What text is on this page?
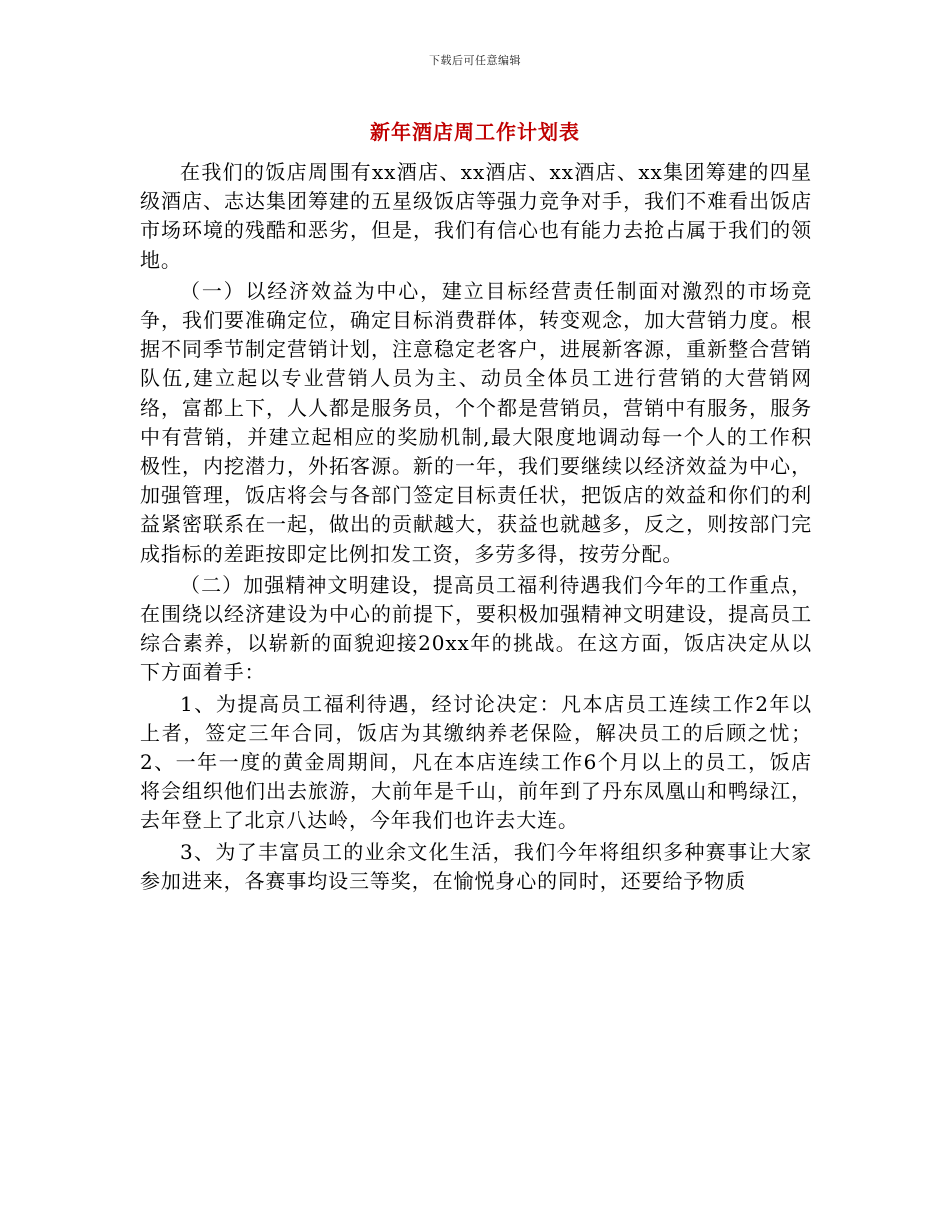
下载后可任意编辑
新年酒店周工作计划表

在我们的饭店周围有xx酒店、xx酒店、xx酒店、xx集团筹建的四星级酒店、志达集团筹建的五星级饭店等强力竞争对手，我们不难看出饭店市场环境的残酷和恶劣，但是，我们有信心也有能力去抢占属于我们的领地。

（一）以经济效益为中心，建立目标经营责任制面对激烈的市场竞争，我们要准确定位，确定目标消费群体，转变观念，加大营销力度。根据不同季节制定营销计划，注意稳定老客户，进展新客源，重新整合营销队伍,建立起以专业营销人员为主、动员全体员工进行营销的大营销网络，富都上下，人人都是服务员，个个都是营销员，营销中有服务，服务中有营销，并建立起相应的奖励机制,最大限度地调动每一个人的工作积极性，内挖潜力，外拓客源。新的一年，我们要继续以经济效益为中心，加强管理，饭店将会与各部门签定目标责任状，把饭店的效益和你们的利益紧密联系在一起，做出的贡献越大，获益也就越多，反之，则按部门完成指标的差距按即定比例扣发工资，多劳多得，按劳分配。

（二）加强精神文明建设，提高员工福利待遇我们今年的工作重点，在围绕以经济建设为中心的前提下，要积极加强精神文明建设，提高员工综合素养，以崭新的面貌迎接20xx年的挑战。在这方面，饭店决定从以下方面着手：

1、为提高员工福利待遇，经讨论决定：凡本店员工连续工作2年以上者，签定三年合同，饭店为其缴纳养老保险，解决员工的后顾之忧；2、一年一度的黄金周期间，凡在本店连续工作6个月以上的员工，饭店将会组织他们出去旅游，大前年是千山，前年到了丹东凤凰山和鸭绿江，去年登上了北京八达岭，今年我们也许去大连。

3、为了丰富员工的业余文化生活，我们今年将组织多种赛事让大家参加进来，各赛事均设三等奖，在愉悦身心的同时，还要给予物质
